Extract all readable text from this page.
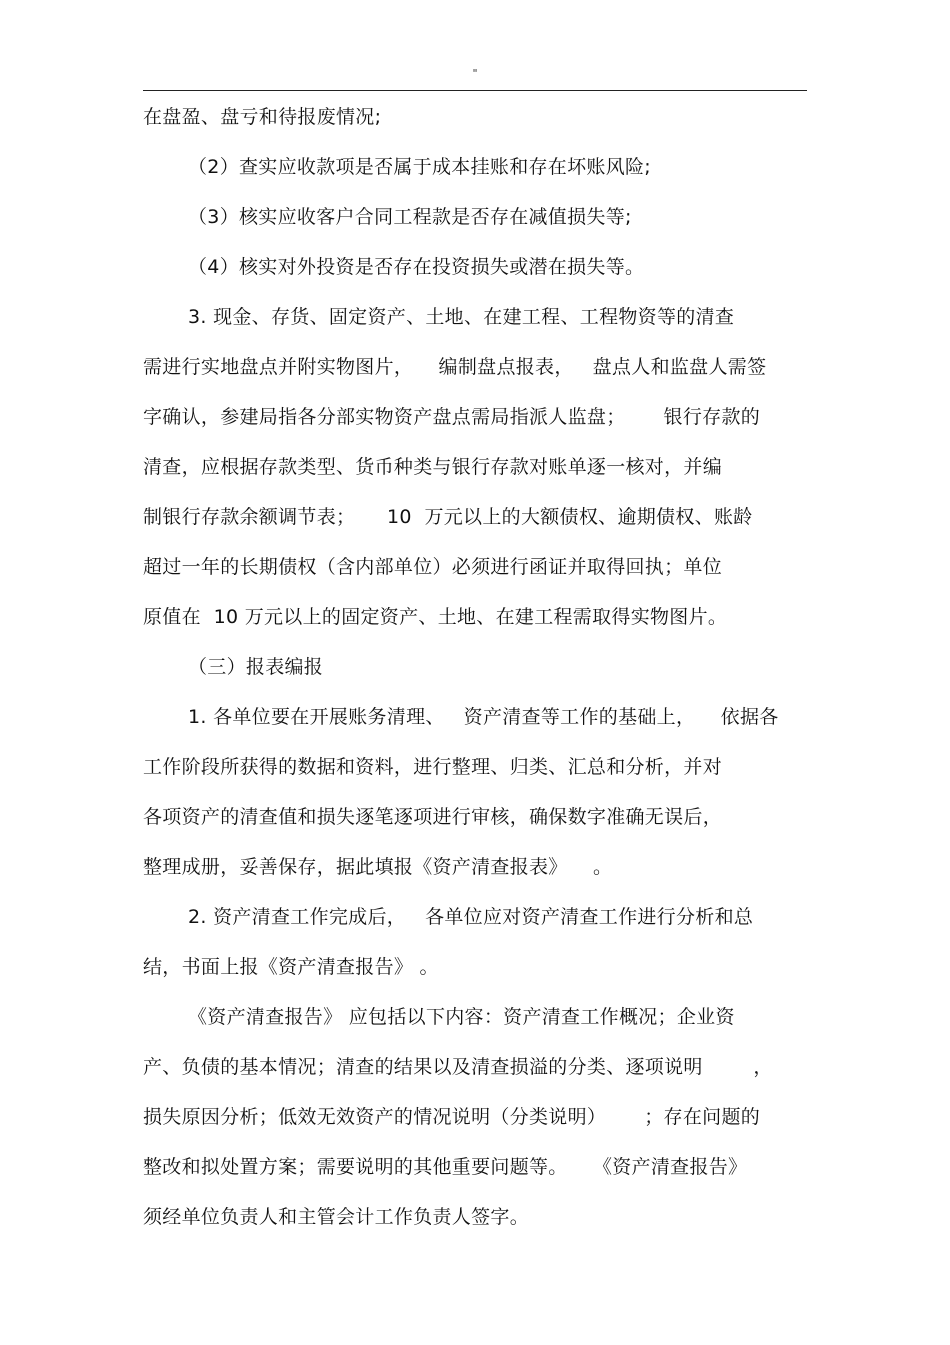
"
在盘盈、盘亏和待报废情况;
（2）查实应收款项是否属于成本挂账和存在坏账风险;
（3）核实应收客户合同工程款是否存在减值损失等;
（4）核实对外投资是否存在投资损失或潜在损失等。
3. 现金、存货、固定资产、土地、在建工程、工程物资等的清查
需进行实地盘点并附实物图片，    编制盘点报表，   盘点人和监盘人需签
字确认，参建局指各分部实物资产盘点需局指派人监盘；      银行存款的
清查，应根据存款类型、货币种类与银行存款对账单逐一核对，并编
制银行存款余额调节表；     10  万元以上的大额债权、逾期债权、账龄
超过一年的长期债权（含内部单位）必须进行函证并取得回执；单位
原值在  10 万元以上的固定资产、土地、在建工程需取得实物图片。
（三）报表编报
1. 各单位要在开展账务清理、   资产清查等工作的基础上，    依据各
工作阶段所获得的数据和资料，进行整理、归类、汇总和分析，并对
各项资产的清查值和损失逐笔逐项进行审核，确保数字准确无误后，
整理成册，妥善保存，据此填报《资产清查报表》    。
2. 资产清查工作完成后，   各单位应对资产清查工作进行分析和总
结，书面上报《资产清查报告》 。
《资产清查报告》 应包括以下内容：资产清查工作概况；企业资
产、负债的基本情况；清查的结果以及清查损溢的分类、逐项说明        ，
损失原因分析；低效无效资产的情况说明（分类说明）      ；存在问题的
整改和拟处置方案；需要说明的其他重要问题等。    《资产清查报告》
须经单位负责人和主管会计工作负责人签字。
